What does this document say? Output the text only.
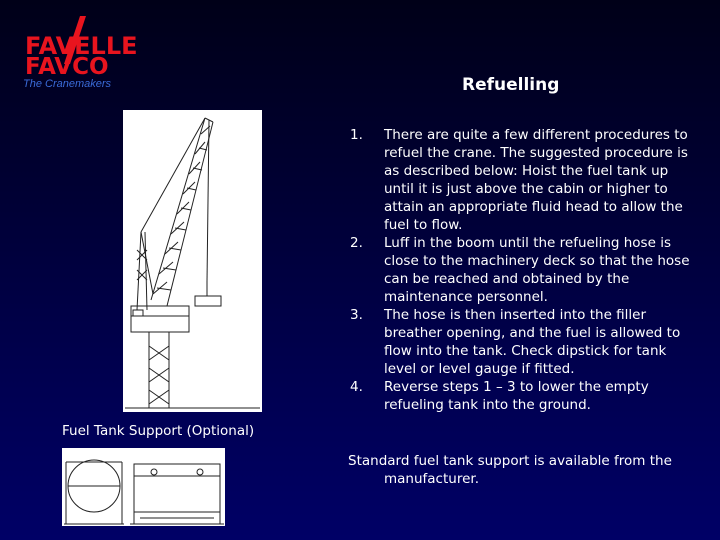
FAVELLE
FAVCO
The Cranemakers	Refuelling
1.	There are quite a few different procedures to refuel the crane. The suggested procedure is as described below: Hoist the fuel tank up until it is just above the cabin or higher to attain an appropriate fluid head to allow the fuel to flow.
2.	Luff in the boom until the refueling hose is close to the machinery deck so that the hose can be reached and obtained by the maintenance personnel.
3.	The hose is then inserted into the filler breather opening, and the fuel is allowed to flow into the tank. Check dipstick for tank level or level gauge if fitted.
4.	Reverse steps 1 – 3 to lower the empty refueling tank into the ground.
Fuel Tank Support (Optional)
Standard fuel tank support is available from the
manufacturer.
